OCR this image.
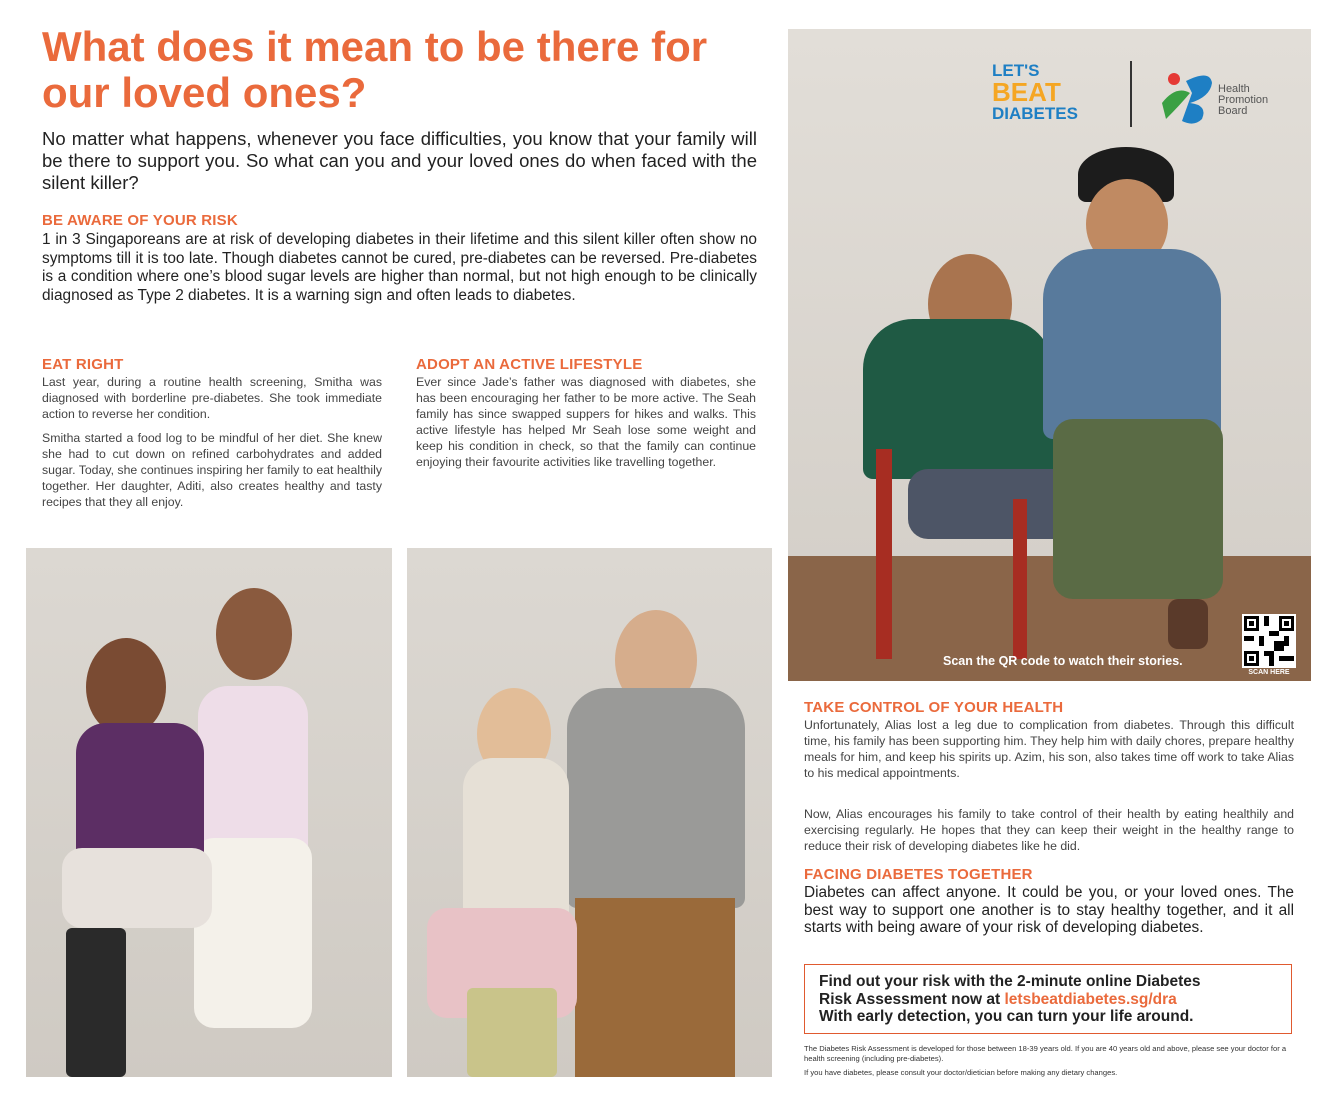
What does it mean to be there for our loved ones?

No matter what happens, whenever you face difficulties, you know that your family will be there to support you. So what can you and your loved ones do when faced with the silent killer?

BE AWARE OF YOUR RISK

1 in 3 Singaporeans are at risk of developing diabetes in their lifetime and this silent killer often show no symptoms till it is too late. Though diabetes cannot be cured, pre-diabetes can be reversed. Pre-diabetes is a condition where one’s blood sugar levels are higher than normal, but not high enough to be clinically diagnosed as Type 2 diabetes. It is a warning sign and often leads to diabetes.

EAT RIGHT

Last year, during a routine health screening, Smitha was diagnosed with borderline pre-diabetes. She took immediate action to reverse her condition.

Smitha started a food log to be mindful of her diet. She knew she had to cut down on refined carbohydrates and added sugar. Today, she continues inspiring her family to eat healthily together. Her daughter, Aditi, also creates healthy and tasty recipes that they all enjoy.

ADOPT AN ACTIVE LIFESTYLE

Ever since Jade’s father was diagnosed with diabetes, she has been encouraging her father to be more active. The Seah family has since swapped suppers for hikes and walks. This active lifestyle has helped Mr Seah lose some weight and keep his condition in check, so that the family can continue enjoying their favourite activities like travelling together.

LET'S
BEAT
DIABETES
Health
Promotion
Board
Scan the QR code to watch their stories.
SCAN HERE
TAKE CONTROL OF YOUR HEALTH

Unfortunately, Alias lost a leg due to complication from diabetes. Through this difficult time, his family has been supporting him. They help him with daily chores, prepare healthy meals for him, and keep his spirits up. Azim, his son, also takes time off work to take Alias to his medical appointments.

Now, Alias encourages his family to take control of their health by eating healthily and exercising regularly. He hopes that they can keep their weight in the healthy range to reduce their risk of developing diabetes like he did.

FACING DIABETES TOGETHER

Diabetes can affect anyone. It could be you, or your loved ones. The best way to support one another is to stay healthy together, and it all starts with being aware of your risk of developing diabetes.

Find out your risk with the 2-minute online Diabetes
Risk Assessment now at letsbeatdiabetes.sg/dra
With early detection, you can turn your life around.

The Diabetes Risk Assessment is developed for those between 18-39 years old. If you are 40 years old and above, please see your doctor for a health screening (including pre-diabetes).

If you have diabetes, please consult your doctor/dietician before making any dietary changes.
